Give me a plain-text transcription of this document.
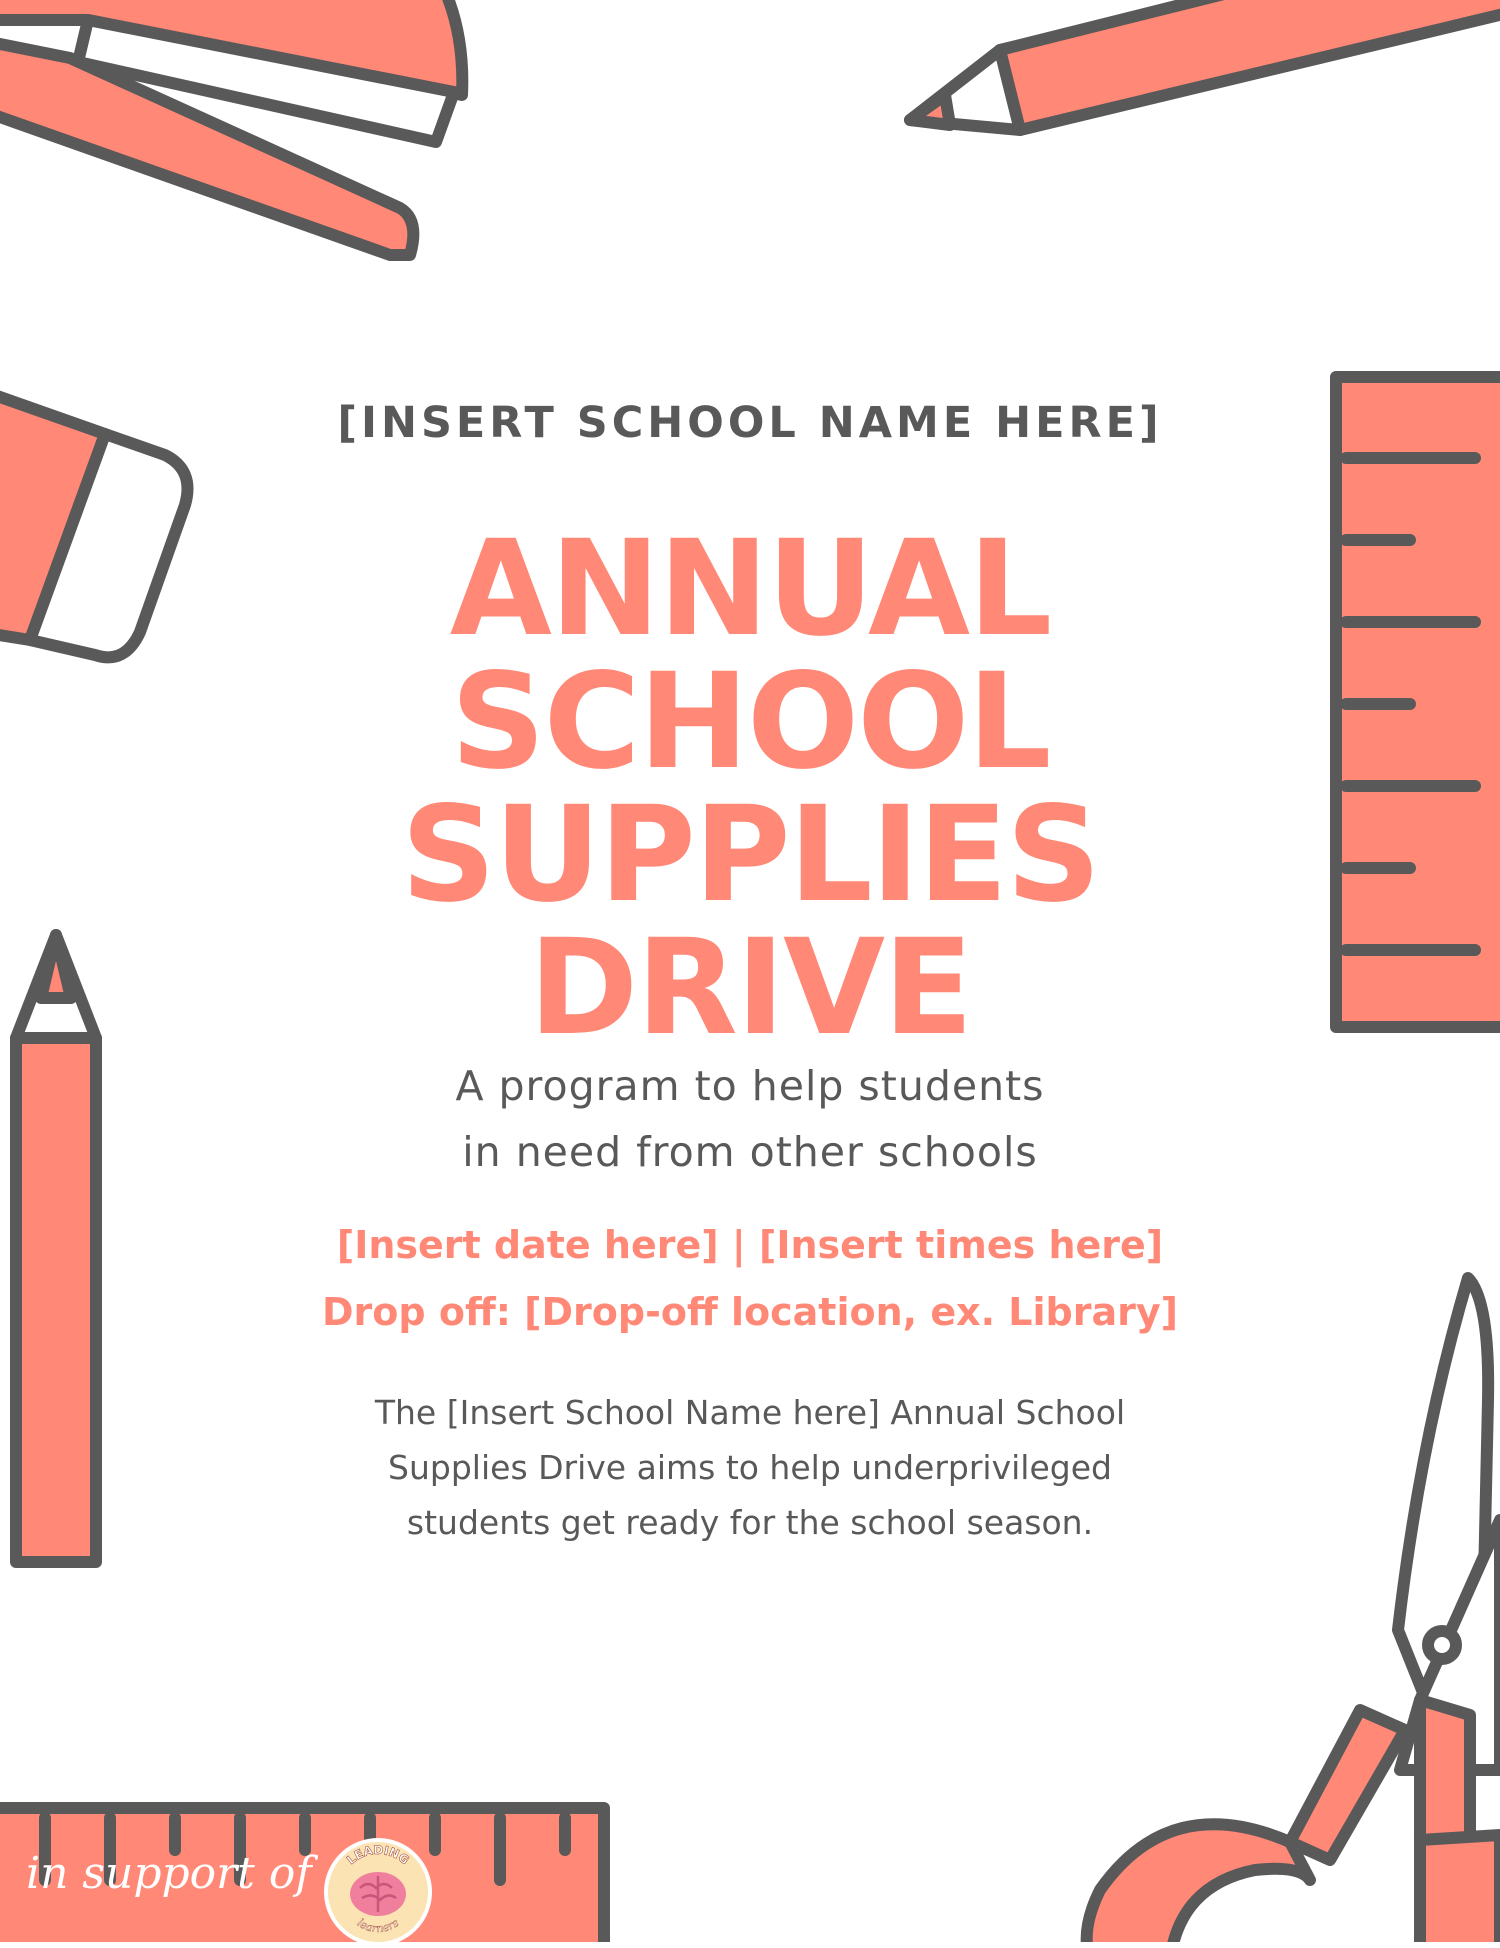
[INSERT SCHOOL NAME HERE]
ANNUAL
SCHOOL
SUPPLIES
DRIVE
A program to help students
in need from other schools
[Insert date here] | [Insert times here]
Drop off: [Drop-off location, ex. Library]
The [Insert School Name here] Annual School
Supplies Drive aims to help underprivileged
students get ready for the school season.
in support of	LEADING
learners
